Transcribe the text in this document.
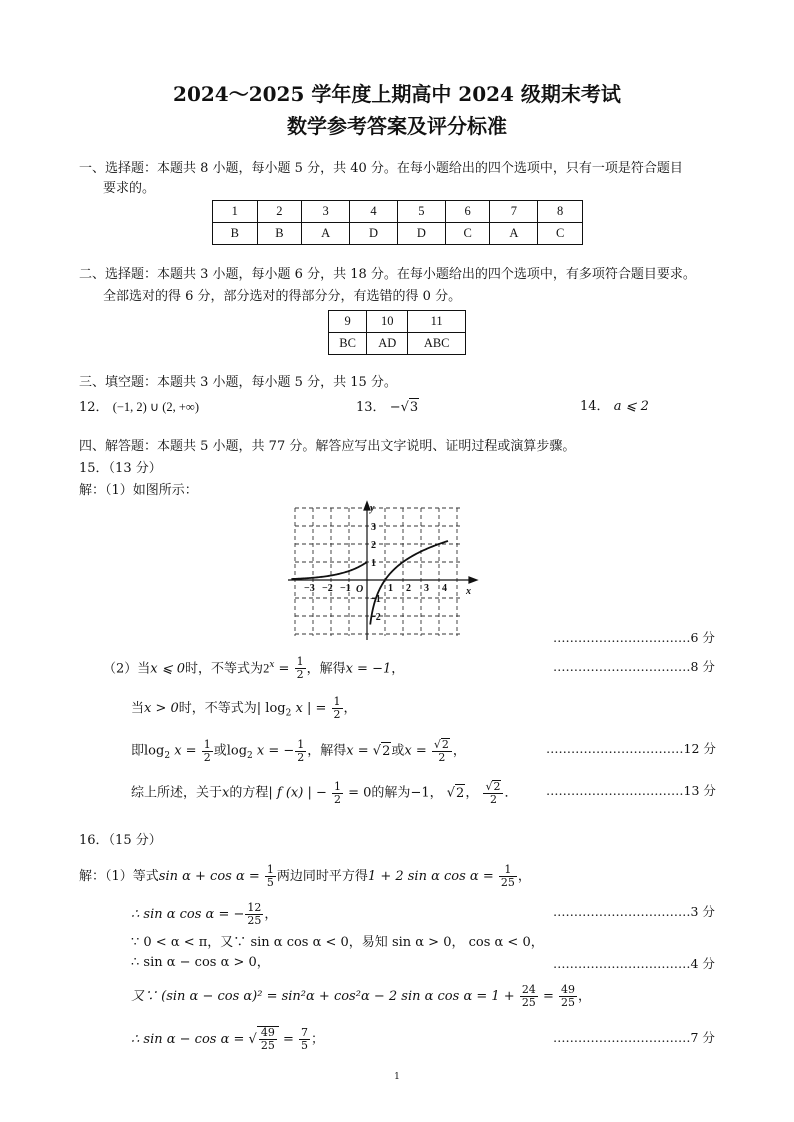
2024～2025 学年度上期高中 2024 级期末考试
数学参考答案及评分标准
一、选择题：本题共 8 小题，每小题 5 分，共 40 分。在每小题给出的四个选项中，只有一项是符合题目
要求的。
1	2	3	4	5	6	7	8
B	B	A	D	D	C	A	C
二、选择题：本题共 3 小题，每小题 6 分，共 18 分。在每小题给出的四个选项中，有多项符合题目要求。
全部选对的得 6 分，部分选对的得部分分，有选错的得 0 分。
9	10	11
BC	AD	ABC
三、填空题：本题共 3 小题，每小题 5 分，共 15 分。
12． (−1, 2) ∪ (2, +∞)	13． −√3	14． a ⩽ 2
四、解答题：本题共 5 小题，共 77 分。解答应写出文字说明、证明过程或演算步骤。
15．（13 分）
解：（1）如图所示：
x
y
O
−3 −2 −1	1 2 3 4
3
2
1
−1
−2
……………………………6 分
（2）当x ⩽ 0时，不等式为$2^x = \frac{1}{2}$ ，解得x = −1，	……………………………8 分
当x > 0时，不等式为| $\log_2 x$ | = $\frac{1}{2}$ ，
即$\log_2 x = \frac{1}{2}$ 或$\log_2 x$ = − $\frac{1}{2}$ ，解得x = √2或$x = \frac{√2}{2}$ ，	……………………………12 分
综上所述，关于x的方程| f (x) | − $\frac{1}{2} = 0$的解为−1， √2， $\frac{√2}{2}$ ． ……………………………13 分
16．（15 分）
解：（1）等式$\sin \alpha + \cos \alpha = \frac{1}{5}$ 两边同时平方得1 + 2 sin α $\cos \alpha = \frac{1}{25}$ ，
∴ sin α cos α = − $\frac{12}{25}$ ，	……………………………3 分
∵ 0 < α < π，又∵ sin α cos α < 0，易知 sin α > 0， cos α < 0，
∴ sin α − cos α > 0，	……………………………4 分
又∵ (sin α − cos α)² = sin²α + cos²α − 2 sin α $\cos \alpha = 1 + \frac{24}{25} = \frac{49}{25}$ ，
∴ sin α − cos α = √ $\frac{49}{25} = \frac{7}{5}$ ；	……………………………7 分
1
